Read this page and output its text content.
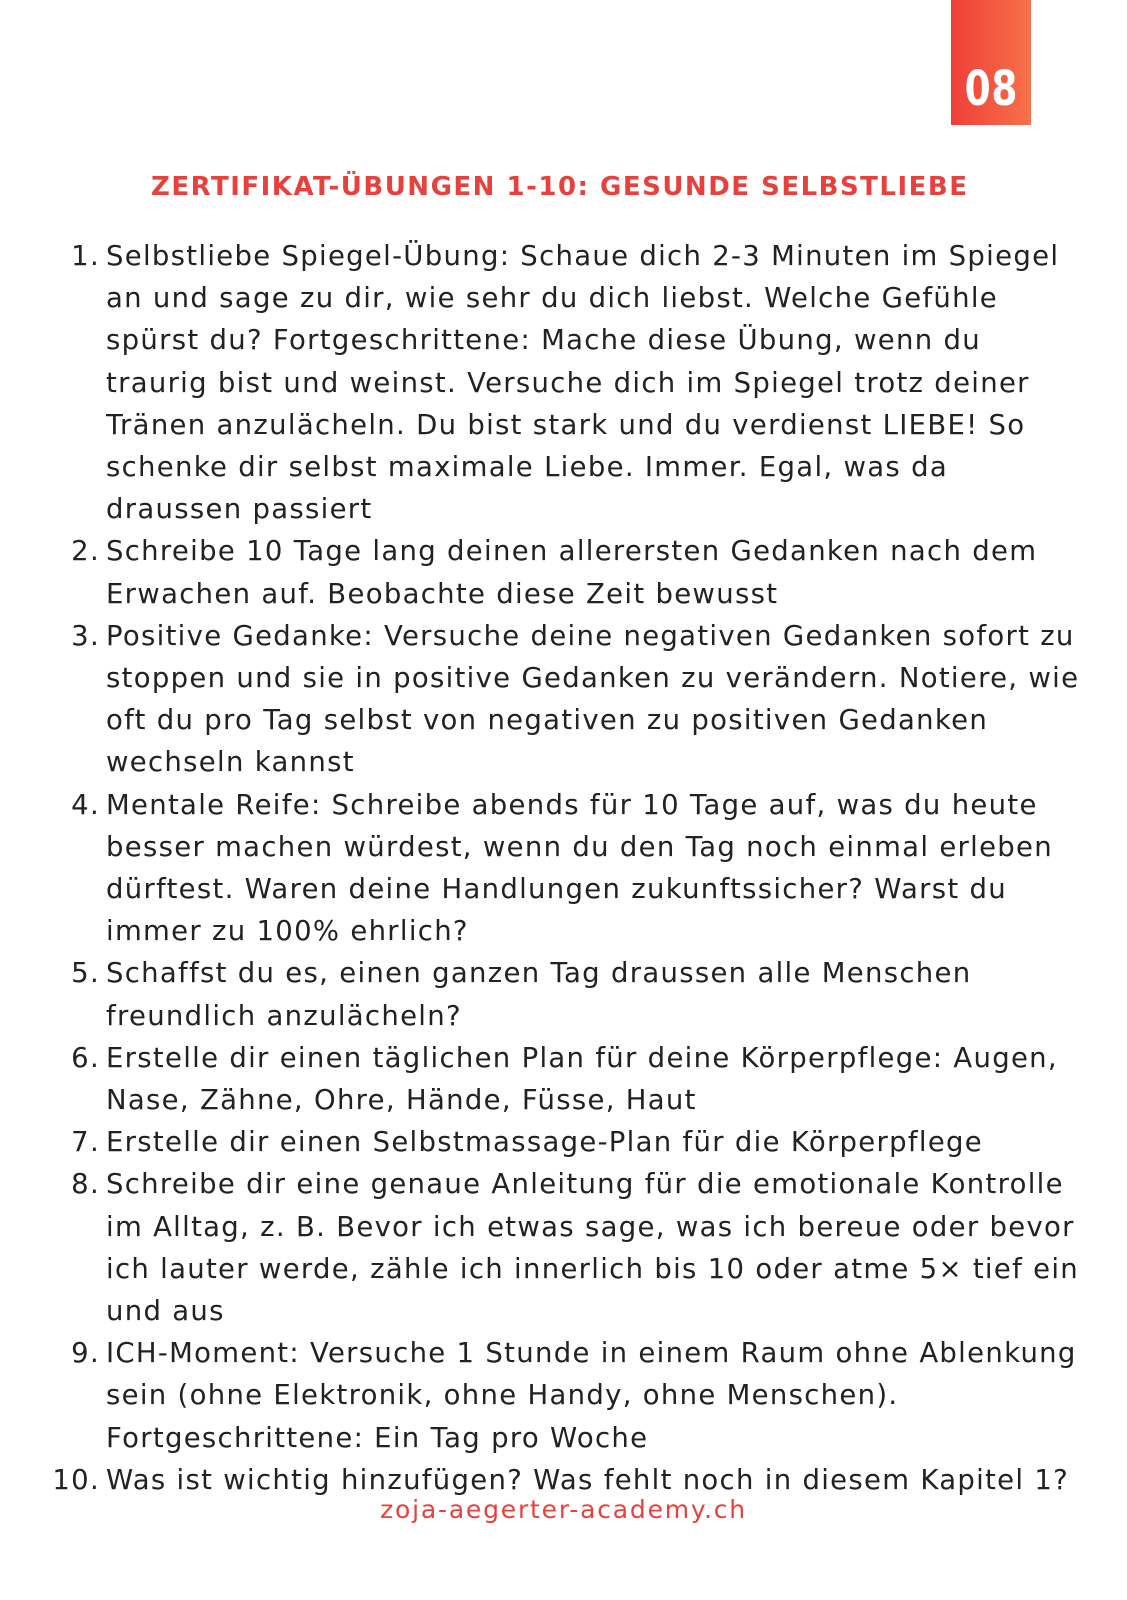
08
ZERTIFIKAT-ÜBUNGEN 1-10: GESUNDE SELBSTLIEBE
1. Selbstliebe Spiegel-Übung: Schaue dich 2-3 Minuten im Spiegel an und sage zu dir, wie sehr du dich liebst. Welche Gefühle spürst du? Fortgeschrittene: Mache diese Übung, wenn du traurig bist und weinst. Versuche dich im Spiegel trotz deiner Tränen anzulächeln. Du bist stark und du verdienst LIEBE! So schenke dir selbst maximale Liebe. Immer. Egal, was da draussen passiert
2. Schreibe 10 Tage lang deinen allerersten Gedanken nach dem Erwachen auf. Beobachte diese Zeit bewusst
3. Positive Gedanke: Versuche deine negativen Gedanken sofort zu stoppen und sie in positive Gedanken zu verändern. Notiere, wie oft du pro Tag selbst von negativen zu positiven Gedanken wechseln kannst
4. Mentale Reife: Schreibe abends für 10 Tage auf, was du heute besser machen würdest, wenn du den Tag noch einmal erleben dürftest. Waren deine Handlungen zukunftssicher? Warst du immer zu 100% ehrlich?
5. Schaffst du es, einen ganzen Tag draussen alle Menschen freundlich anzulächeln?
6. Erstelle dir einen täglichen Plan für deine Körperpflege: Augen, Nase, Zähne, Ohre, Hände, Füsse, Haut
7. Erstelle dir einen Selbstmassage-Plan für die Körperpflege
8. Schreibe dir eine genaue Anleitung für die emotionale Kontrolle im Alltag, z. B. Bevor ich etwas sage, was ich bereue oder bevor ich lauter werde, zähle ich innerlich bis 10 oder atme 5× tief ein und aus
9. ICH-Moment: Versuche 1 Stunde in einem Raum ohne Ablenkung sein (ohne Elektronik, ohne Handy, ohne Menschen). Fortgeschrittene: Ein Tag pro Woche
10. Was ist wichtig hinzufügen? Was fehlt noch in diesem Kapitel 1?
zoja-aegerter-academy.ch
